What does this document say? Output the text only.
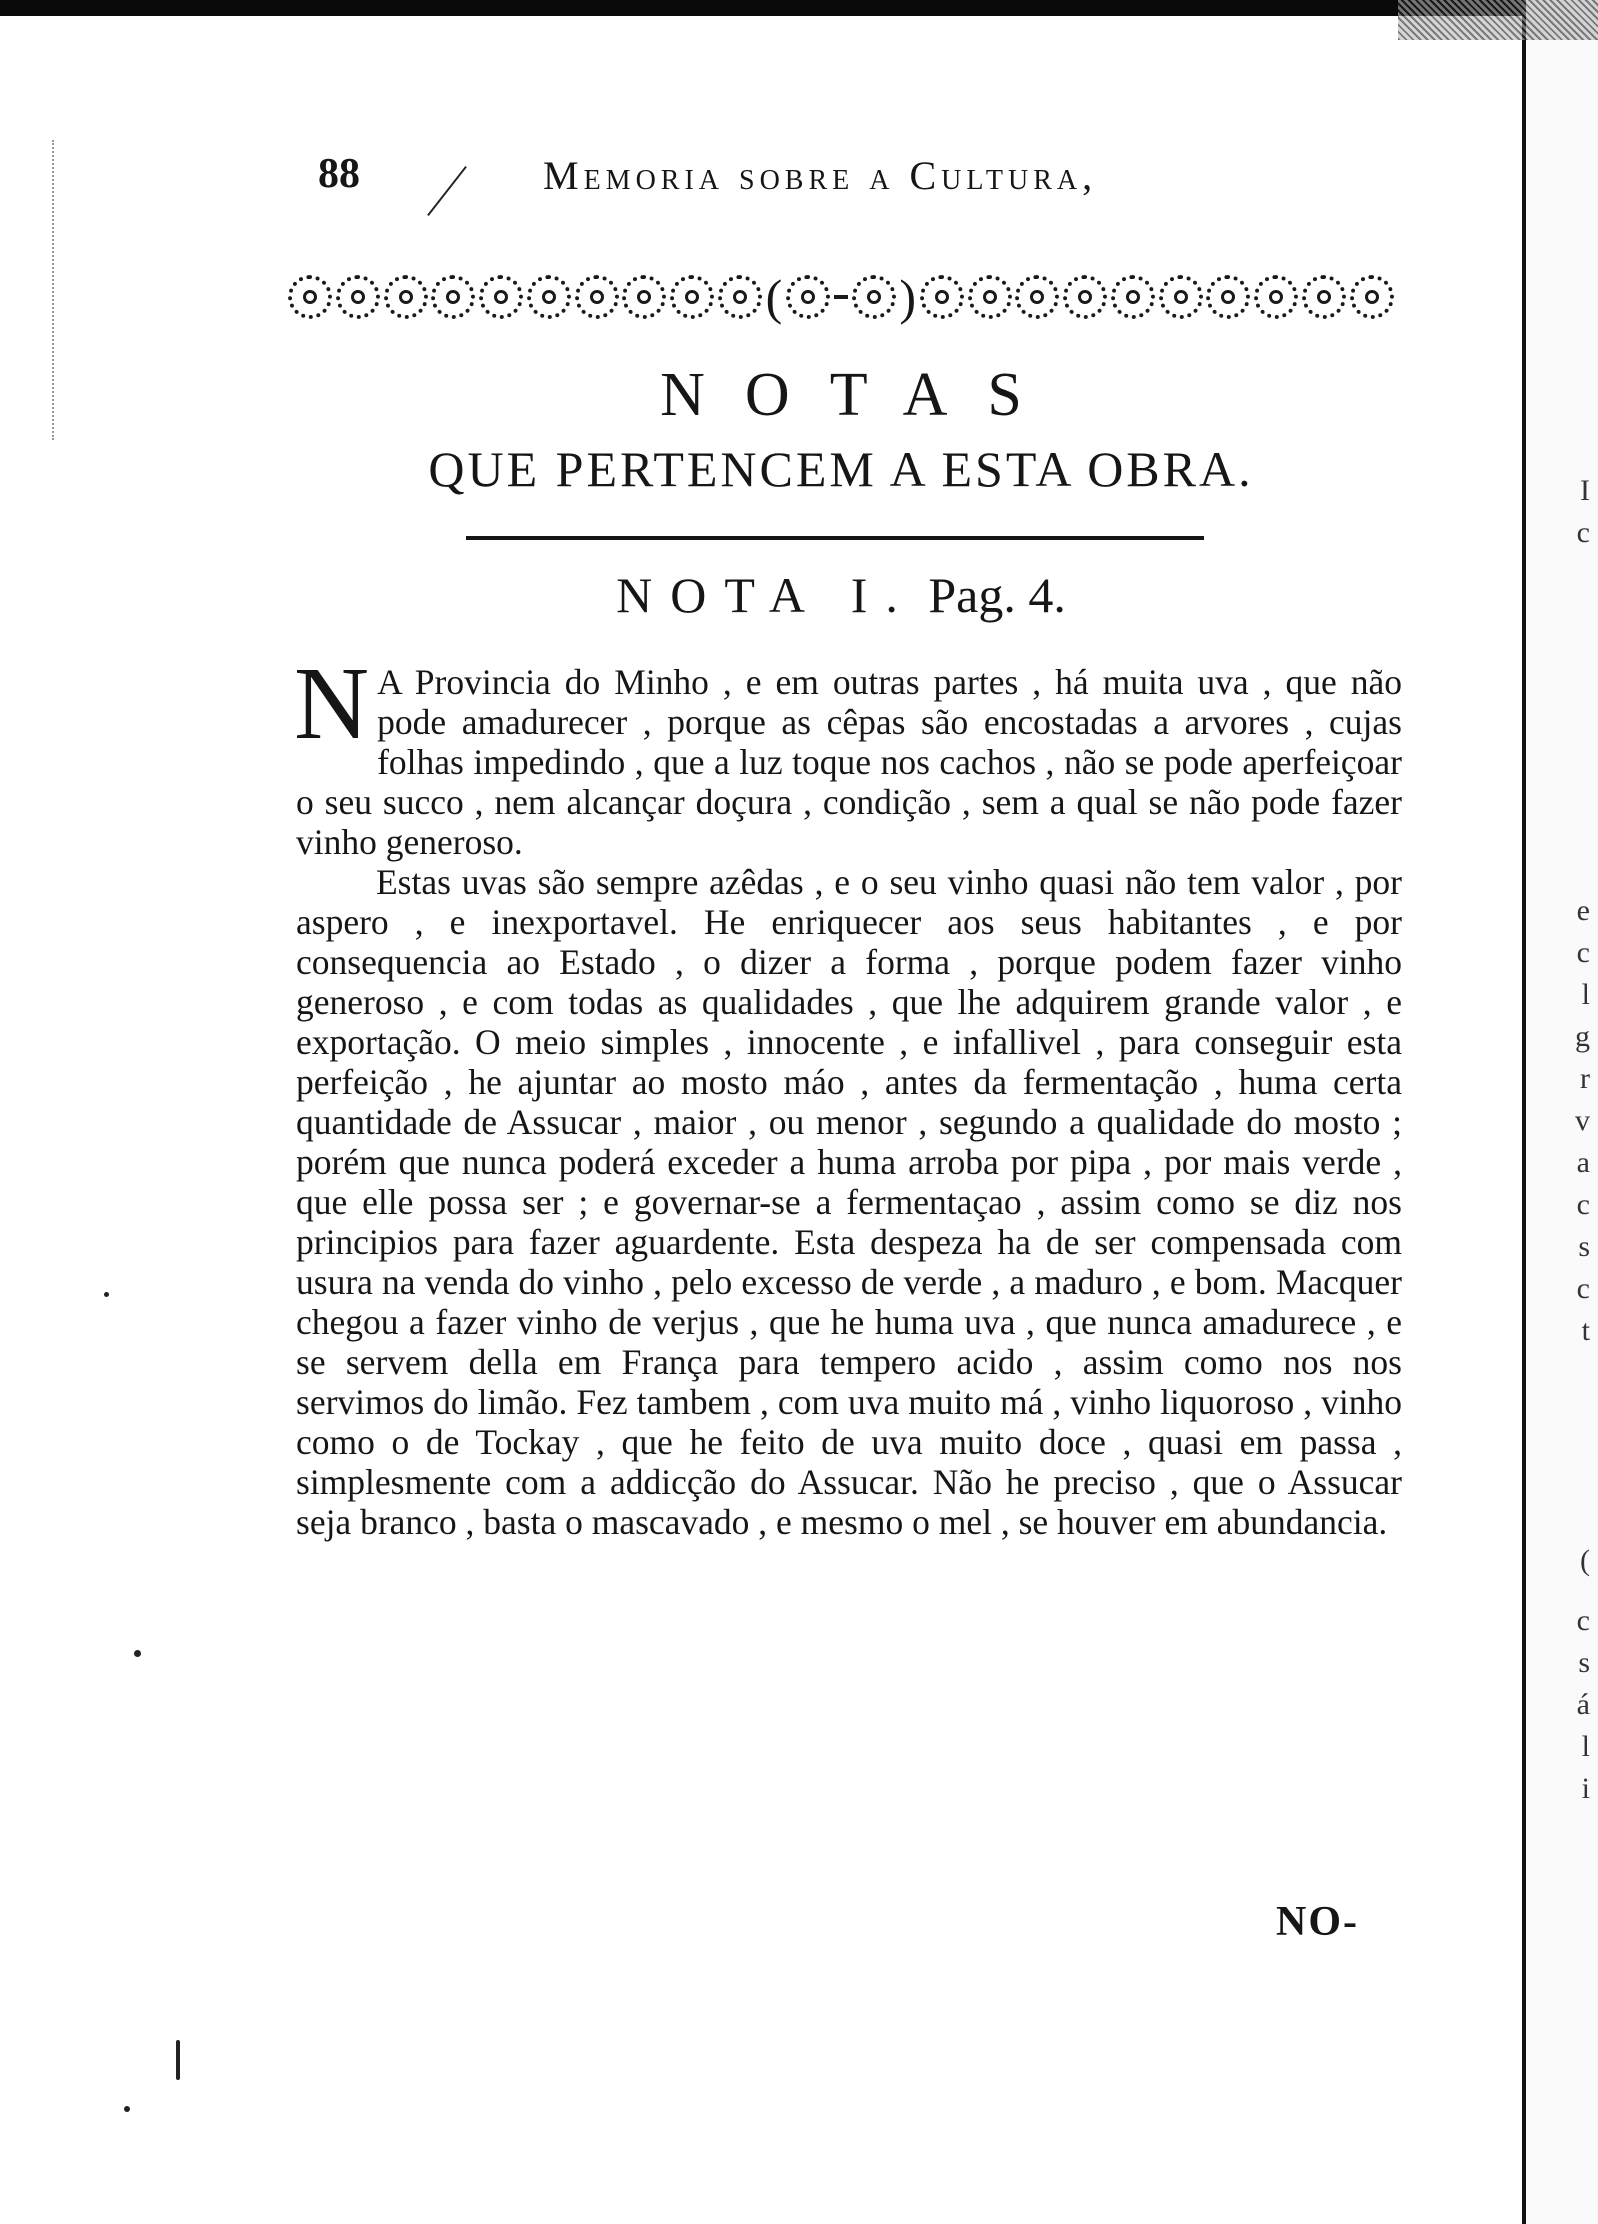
I
c
e
c
l
g
r
v
a
c
s
c
t
(
c
s
á
l
i
88	Memoria sobre a Cultura,
( )
NOTAS
QUE PERTENCEM A ESTA OBRA.
NOTA I. Pag. 4.

N A Provincia do Minho , e em outras partes , há muita uva , que não pode amadurecer , porque as cêpas são encostadas a arvores , cujas folhas impedindo , que a luz toque nos cachos , não se pode aperfeiçoar o seu succo , nem alcançar doçura , condição , sem a qual se não pode fazer vinho generoso.

Estas uvas são sempre azêdas , e o seu vinho quasi não tem valor , por aspero , e inexportavel. He enriquecer aos seus habitantes , e por consequencia ao Estado , o dizer a forma , porque podem fazer vinho generoso , e com todas as qualidades , que lhe adquirem grande valor , e exportação. O meio simples , innocente , e infallivel , para conseguir esta perfeição , he ajuntar ao mosto máo , antes da fermentação , huma certa quantidade de Assucar , maior , ou menor , segundo a qualidade do mosto ; porém que nunca poderá exceder a huma arroba por pipa , por mais verde , que elle possa ser ; e governar-se a fermentaçao , assim como se diz nos principios para fazer aguardente. Esta despeza ha de ser compensada com usura na venda do vinho , pelo excesso de verde , a maduro , e bom. Macquer chegou a fazer vinho de verjus , que he huma uva , que nunca amadurece , e se servem della em França para tempero acido , assim como nos nos servimos do limão. Fez tambem , com uva muito má , vinho liquoroso , vinho como o de Tockay , que he feito de uva muito doce , quasi em passa , simplesmente com a addicção do Assucar. Não he preciso , que o Assucar seja branco , basta o mascavado , e mesmo o mel , se houver em abundancia.

NO-
